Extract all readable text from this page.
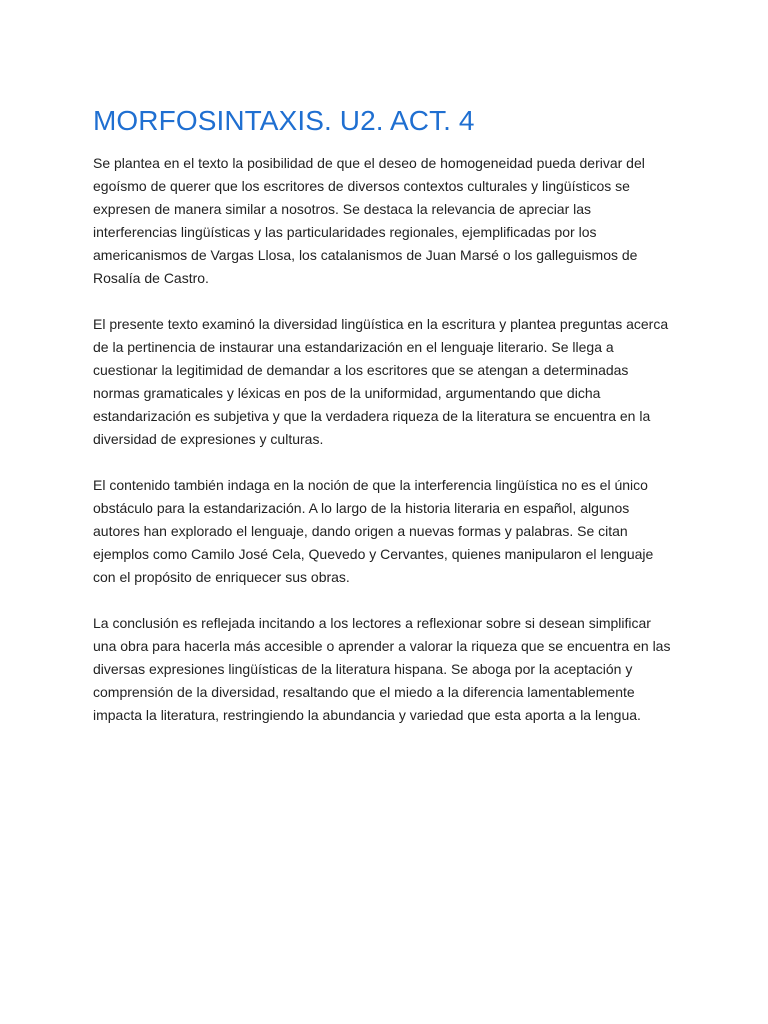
MORFOSINTAXIS. U2. ACT. 4

Se plantea en el texto la posibilidad de que el deseo de homogeneidad pueda derivar del egoísmo de querer que los escritores de diversos contextos culturales y lingüísticos se expresen de manera similar a nosotros. Se destaca la relevancia de apreciar las interferencias lingüísticas y las particularidades regionales, ejemplificadas por los americanismos de Vargas Llosa, los catalanismos de Juan Marsé o los galleguismos de Rosalía de Castro.

El presente texto examinó la diversidad lingüística en la escritura y plantea preguntas acerca de la pertinencia de instaurar una estandarización en el lenguaje literario. Se llega a cuestionar la legitimidad de demandar a los escritores que se atengan a determinadas normas gramaticales y léxicas en pos de la uniformidad, argumentando que dicha estandarización es subjetiva y que la verdadera riqueza de la literatura se encuentra en la diversidad de expresiones y culturas.

El contenido también indaga en la noción de que la interferencia lingüística no es el único obstáculo para la estandarización. A lo largo de la historia literaria en español, algunos autores han explorado el lenguaje, dando origen a nuevas formas y palabras. Se citan ejemplos como Camilo José Cela, Quevedo y Cervantes, quienes manipularon el lenguaje con el propósito de enriquecer sus obras.

La conclusión es reflejada incitando a los lectores a reflexionar sobre si desean simplificar una obra para hacerla más accesible o aprender a valorar la riqueza que se encuentra en las diversas expresiones lingüísticas de la literatura hispana. Se aboga por la aceptación y comprensión de la diversidad, resaltando que el miedo a la diferencia lamentablemente impacta la literatura, restringiendo la abundancia y variedad que esta aporta a la lengua.
